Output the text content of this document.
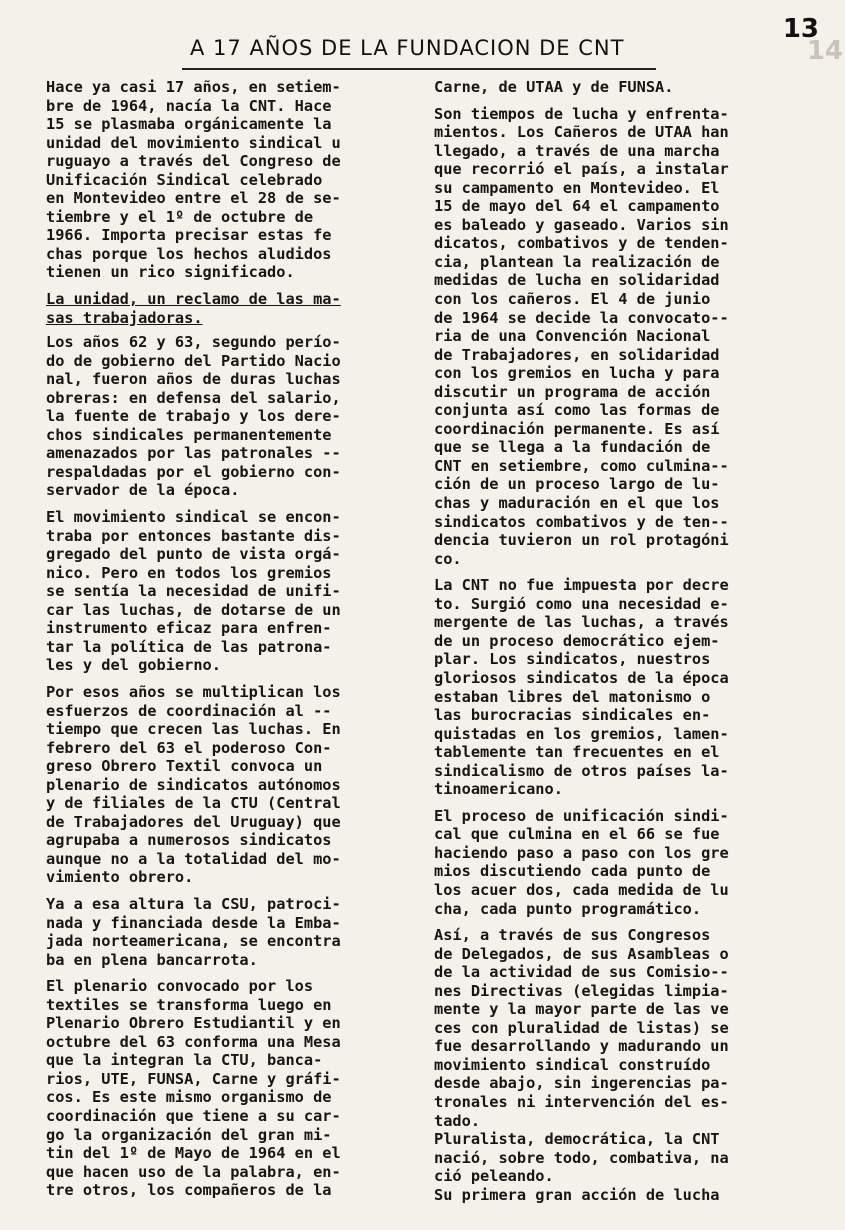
13
14
A 17 AÑOS DE LA FUNDACION DE CNT

Hace ya casi 17 años, en setiem-
bre de 1964, nacía la CNT. Hace
15 se plasmaba orgánicamente la
unidad del movimiento sindical u
ruguayo a través del Congreso de
Unificación Sindical celebrado
en Montevideo entre el 28 de se-
tiembre y el 1º de octubre de
1966. Importa precisar estas fe
chas porque los hechos aludidos
tienen un rico significado.

La unidad, un reclamo de las ma-
sas trabajadoras.

Los años 62 y 63, segundo perío-
do de gobierno del Partido Nacio
nal, fueron años de duras luchas
obreras: en defensa del salario,
la fuente de trabajo y los dere-
chos sindicales permanentemente
amenazados por las patronales --
respaldadas por el gobierno con-
servador de la época.

El movimiento sindical se encon-
traba por entonces bastante dis-
gregado del punto de vista orgá-
nico. Pero en todos los gremios
se sentía la necesidad de unifi-
car las luchas, de dotarse de un
instrumento eficaz para enfren-
tar la política de las patrona-
les y del gobierno.

Por esos años se multiplican los
esfuerzos de coordinación al --
tiempo que crecen las luchas. En
febrero del 63 el poderoso Con-
greso Obrero Textil convoca un
plenario de sindicatos autónomos
y de filiales de la CTU (Central
de Trabajadores del Uruguay) que
agrupaba a numerosos sindicatos
aunque no a la totalidad del mo-
vimiento obrero.

Ya a esa altura la CSU, patroci-
nada y financiada desde la Emba-
jada norteamericana, se encontra
ba en plena bancarrota.

El plenario convocado por los
textiles se transforma luego en
Plenario Obrero Estudiantil y en
octubre del 63 conforma una Mesa
que la integran la CTU, banca-
rios, UTE, FUNSA, Carne y gráfi-
cos. Es este mismo organismo de
coordinación que tiene a su car-
go la organización del gran mi-
tin del 1º de Mayo de 1964 en el
que hacen uso de la palabra, en-
tre otros, los compañeros de la

Carne, de UTAA y de FUNSA.

Son tiempos de lucha y enfrenta-
mientos. Los Cañeros de UTAA han
llegado, a través de una marcha
que recorrió el país, a instalar
su campamento en Montevideo. El
15 de mayo del 64 el campamento
es baleado y gaseado. Varios sin
dicatos, combativos y de tenden-
cia, plantean la realización de
medidas de lucha en solidaridad
con los cañeros. El 4 de junio
de 1964 se decide la convocato--
ria de una Convención Nacional
de Trabajadores, en solidaridad
con los gremios en lucha y para
discutir un programa de acción
conjunta así como las formas de
coordinación permanente. Es así
que se llega a la fundación de
CNT en setiembre, como culmina--
ción de un proceso largo de lu-
chas y maduración en el que los
sindicatos combativos y de ten--
dencia tuvieron un rol protagóni
co.

La CNT no fue impuesta por decre
to. Surgió como una necesidad e-
mergente de las luchas, a través
de un proceso democrático ejem-
plar. Los sindicatos, nuestros
gloriosos sindicatos de la época
estaban libres del matonismo o
las burocracias sindicales en-
quistadas en los gremios, lamen-
tablemente tan frecuentes en el
sindicalismo de otros países la-
tinoamericano.

El proceso de unificación sindi-
cal que culmina en el 66 se fue
haciendo paso a paso con los gre
mios discutiendo cada punto de
los acuer dos, cada medida de lu
cha, cada punto programático.

Así, a través de sus Congresos
de Delegados, de sus Asambleas o
de la actividad de sus Comisio--
nes Directivas (elegidas limpia-
mente y la mayor parte de las ve
ces con pluralidad de listas) se
fue desarrollando y madurando un
movimiento sindical construído
desde abajo, sin ingerencias pa-
tronales ni intervención del es-
tado.

Pluralista, democrática, la CNT
nació, sobre todo, combativa, na
ció peleando.

Su primera gran acción de lucha
